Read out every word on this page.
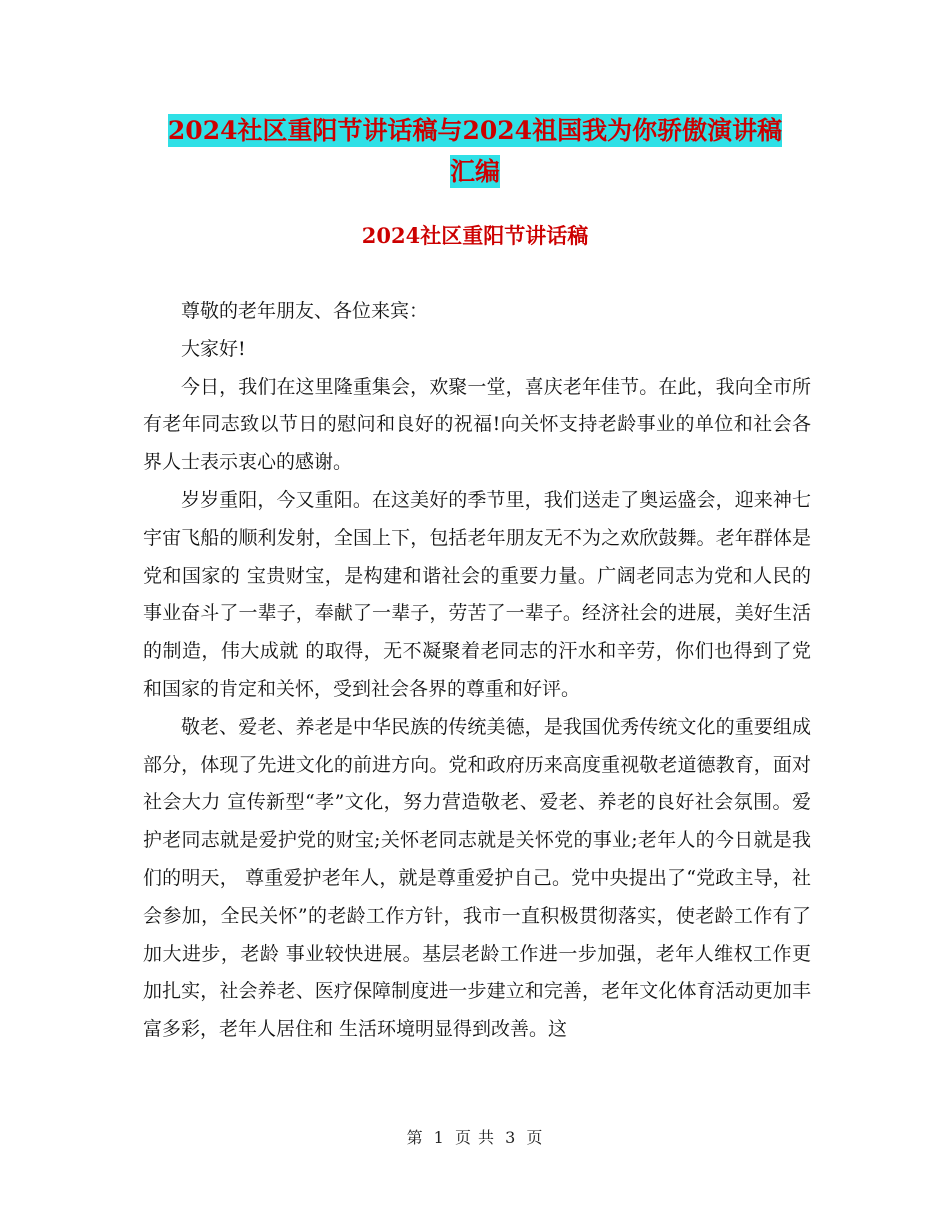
2024社区重阳节讲话稿与2024祖国我为你骄傲演讲稿
汇编
2024社区重阳节讲话稿

尊敬的老年朋友、各位来宾：

大家好!

今日，我们在这里隆重集会，欢聚一堂，喜庆老年佳节。在此，我向全市所有老年同志致以节日的慰问和良好的祝福!向关怀支持老龄事业的单位和社会各界人士表示衷心的感谢。

岁岁重阳，今又重阳。在这美好的季节里，我们送走了奥运盛会，迎来神七宇宙飞船的顺利发射，全国上下，包括老年朋友无不为之欢欣鼓舞。老年群体是党和国家的 宝贵财宝，是构建和谐社会的重要力量。广阔老同志为党和人民的事业奋斗了一辈子，奉献了一辈子，劳苦了一辈子。经济社会的进展，美好生活的制造，伟大成就 的取得，无不凝聚着老同志的汗水和辛劳，你们也得到了党和国家的肯定和关怀，受到社会各界的尊重和好评。

敬老、爱老、养老是中华民族的传统美德，是我国优秀传统文化的重要组成部分，体现了先进文化的前进方向。党和政府历来高度重视敬老道德教育，面对社会大力 宣传新型“孝”文化，努力营造敬老、爱老、养老的良好社会氛围。爱护老同志就是爱护党的财宝;关怀老同志就是关怀党的事业;老年人的今日就是我们的明天， 尊重爱护老年人，就是尊重爱护自己。党中央提出了“党政主导，社会参加，全民关怀”的老龄工作方针，我市一直积极贯彻落实，使老龄工作有了加大进步，老龄 事业较快进展。基层老龄工作进一步加强，老年人维权工作更加扎实，社会养老、医疗保障制度进一步建立和完善，老年文化体育活动更加丰富多彩，老年人居住和 生活环境明显得到改善。这

第 1 页 共 3 页
